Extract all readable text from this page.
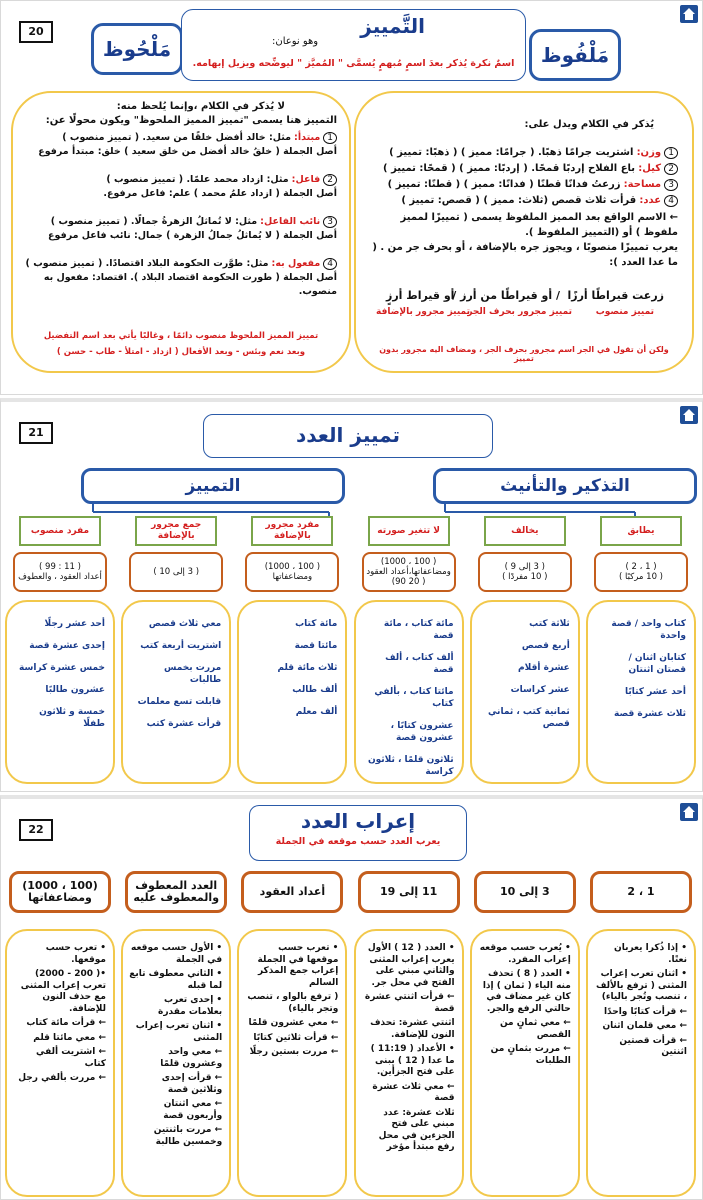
20
مَلْحُوظ	مَلْفُوظ
التَّمييز
وهو نوعان:
اسمٌ نكرة يُذكر بعدَ اسمٍ مُبهمٍ يُسمَّى " المُميَّز " ليوضِّحه ويزيل إبهامه.
يُذكر في الكلام ويدل على:
1 وزن: اشتريت جرامًا ذهبًا. ( جرامًا: مميز ) ( ذهبًا: تمييز )
2 كيل: باع الفلاح إردبًا قمحًا. ( إردبًا: مميز ) ( قمحًا: تمييز )
3 مساحة: زرعتُ فدانًا قطنًا ( فدانًا: مميز ) ( قطنًا: تمييز )
4 عدد: قرأت ثلاث قصص (ثلاث: مميز ) ( قصص: تمييز )
← الاسم الواقع بعد المميز الملفوظ يسمى ( تمييزًا لمميز ملفوظ ) أو (التمييز الملفوظ ).
يعرب تمييزًا منصوبًا ، ويجوز جره بالإضافة ، أو بحرف جر من . ( ما عدا العدد ):
زرعت قيراطًا أرزًا
/ أو قيراطًا من أرز /
أو قيراط أرزٍ
تمييز منصوب
تمييز مجرور بحرف الجر
تمييز مجرور بالإضافة
ولكن أن تقول في الجر اسم مجرور بحرف الجر ، ومضاف اليه مجرور بدون تمييز
لا يُذكر في الكلام ،وإنما يُلحظ منه:
التمييز هنا يسمى "تمييز المميز الملحوظ" ويكون محولًا عن:
1 مبتدأ: مثل: خالد أفضل خلقًا من سعيد. ( تمييز منصوب )
أصل الجملة ( خلقُ خالد أفضل من خلق سعيد ) خلق: مبتدأ مرفوع
2 فاعل: مثل: ازداد محمد علمًا. ( تمييز منصوب )
أصل الجملة ( ازداد علمُ محمد ) علم: فاعل مرفوع.
3 نائب الفاعل: مثل: لا تُماثلُ الزهرةُ جمالًا. ( تمييز منصوب )
أصل الجملة ( لا يُماثلُ جمالُ الزهرة ) جمال: نائب فاعل مرفوع
4 مفعول به: مثل: طوَّرت الحكومة البلاد اقتصادًا. ( تمييز منصوب )
أصل الجملة ( طورت الحكومة اقتصاد البلاد ). اقتصاد: مفعول به منصوب.
تمييز المميز الملحوظ منصوب دائمًا ، وغالبًا يأتي بعد اسم التفضيل
وبعد نعم وبئس - وبعد الأفعال ( ازداد - امتلأ - طاب - حسن )
21	تمييز العدد
التذكير والتأنيث
التمييز
يطابق
( 1 ، 2 )
( 10 مركبًا )
كتاب واحد / قصة واحدة
كتابان اثنان / قصتان اثنتان
أحد عشر كتابًا
ثلاث عشرة قصة
يخالف
( 3 إلى 9 )
( 10 مفردًا )
ثلاثة كتب
أربع قصص
عشرة أقلام
عشر كراسات
ثمانية كتب ، ثماني قصص
لا تتغير صورته
( 100 ، 1000)
ومضاعفاتها،أعداد العقود ( 20 90)
مائة كتاب ، مائة قصة
ألف كتاب ، ألف قصة
مائتا كتاب ، بألفي كتاب
عشرون كتابًا ، عشرون قصة
ثلاثون قلمًا ، ثلاثون كراسة
مفرد مجرور بالإضافة
( 100 ، 1000)
ومضاعفاتها
مائة كتاب
مائتا قصة
ثلاث مائة قلم
ألف طالب
ألف معلم
جمع مجرور بالإضافة
( 3 إلى 10 )
معي ثلاث قصص
اشتريت أربعة كتب
مررت بخمس طالبات
قابلت تسع معلمات
قرأت عشرة كتب
مفرد منصوب
( 11 : 99 )
أعداد العقود ، والعطوف
أحد عشر رجلًا
إحدى عشرة قصة
خمس عشرة كراسة
عشرون طالبًا
خمسة و ثلاثون طفلًا
22	إعراب العدد
يعرب العدد حسب موقعه في الجملة
1 ، 2
• إذا ذُكرا يعربان نعتًا.
• اثنان تعرب إعراب المثنى ( ترفع بالألف ، تنصب وتُجر بالياء)
← قرأت كتابًا واحدًا
← معي قلمان اثنان
← قرأت قصتين اثنتين
3 إلى 10
• يُعرب حسب موقعه إعراب المفرد.
• العدد ( 8 ) تحذف منه الياء ( ثمان ) إذا كان غير مضاف في حالتي الرفع والجر.
← معي ثمانٍ من القصص
← مررت بثمانٍ من الطلبات
11 إلى 19
• العدد ( 12 ) الأول يعرب إعراب المثنى والثاني مبني على الفتح في محل جر.
← قرأت اثنتي عشرة قصة
اثنتي عشرة: تحذف النون للإضافة.
• الأعداد ( 11:19 ) ما عدا ( 12 ) يبنى على فتح الجزأين.
← معي ثلاث عشرة قصة
ثلاث عشرة: عدد مبني على فتح الجزءين في محل رفع مبتدأ مؤخر
أعداد العقود
• تعرب حسب موقعها في الجملة إعراب جمع المذكر السالم
( ترفع بالواو ، تنصب وتجر بالياء)
← معي عشرون قلمًا
← قرأت ثلاثين كتابًا
← مررت بستين رجلًا
العدد المعطوف والمعطوف عليه
• الأول حسب موقعه في الجملة
• الثاني معطوف تابع لما قبله
• إحدى تعرب بعلامات مقدرة
• اثنان تعرب إعراب المثنى
← معي واحد وعشرون قلمًا
← قرأت إحدى وثلاثين قصة
← معي اثنتان وأربعون قصة
← مررت باثنتين وخمسين طالبة
(100 ، 1000) ومضاعفاتها
• تعرب حسب موقعها.
•( 200 - 2000) تعرب إعراب المثنى مع حذف النون للإضافة.
← قرأت مائة كتاب
← معي مائتا قلم
← اشتريت ألفي كتاب
← مررت بألفي رجل
